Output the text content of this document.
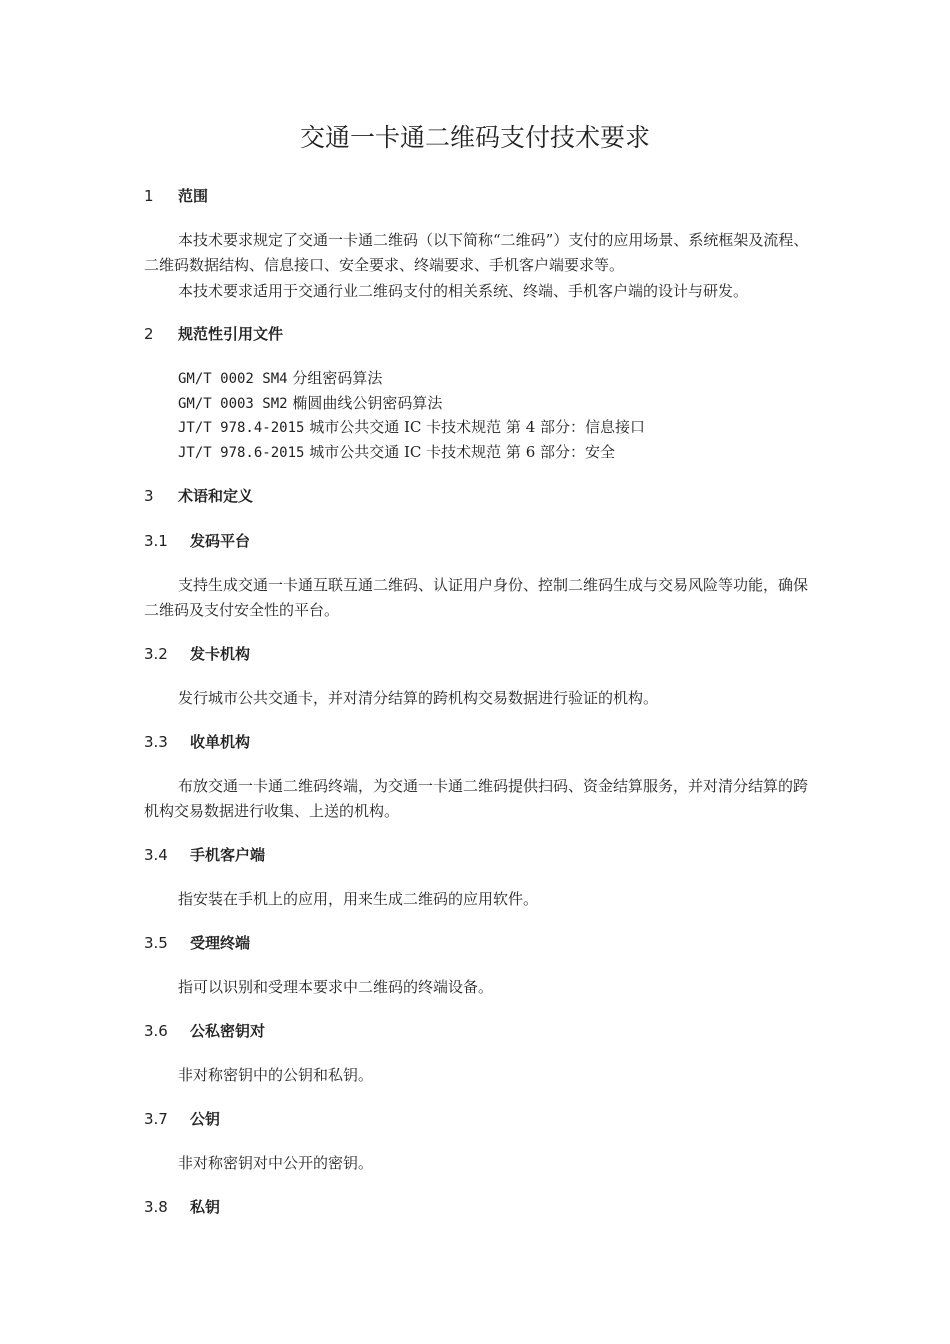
交通一卡通二维码支付技术要求
1 范围

本技术要求规定了交通一卡通二维码（以下简称“二维码”）支付的应用场景、系统框架及流程、二维码数据结构、信息接口、安全要求、终端要求、手机客户端要求等。

本技术要求适用于交通行业二维码支付的相关系统、终端、手机客户端的设计与研发。

2 规范性引用文件
GM/T 0002 SM4 分组密码算法
GM/T 0003 SM2 椭圆曲线公钥密码算法
JT/T 978.4-2015 城市公共交通 IC 卡技术规范 第 4 部分：信息接口
JT/T 978.6-2015 城市公共交通 IC 卡技术规范 第 6 部分：安全
3 术语和定义
3.1 发码平台

支持生成交通一卡通互联互通二维码、认证用户身份、控制二维码生成与交易风险等功能，确保二维码及支付安全性的平台。

3.2 发卡机构

发行城市公共交通卡，并对清分结算的跨机构交易数据进行验证的机构。

3.3 收单机构

布放交通一卡通二维码终端，为交通一卡通二维码提供扫码、资金结算服务，并对清分结算的跨机构交易数据进行收集、上送的机构。

3.4 手机客户端

指安装在手机上的应用，用来生成二维码的应用软件。

3.5 受理终端

指可以识别和受理本要求中二维码的终端设备。

3.6 公私密钥对

非对称密钥中的公钥和私钥。

3.7 公钥

非对称密钥对中公开的密钥。

3.8 私钥
